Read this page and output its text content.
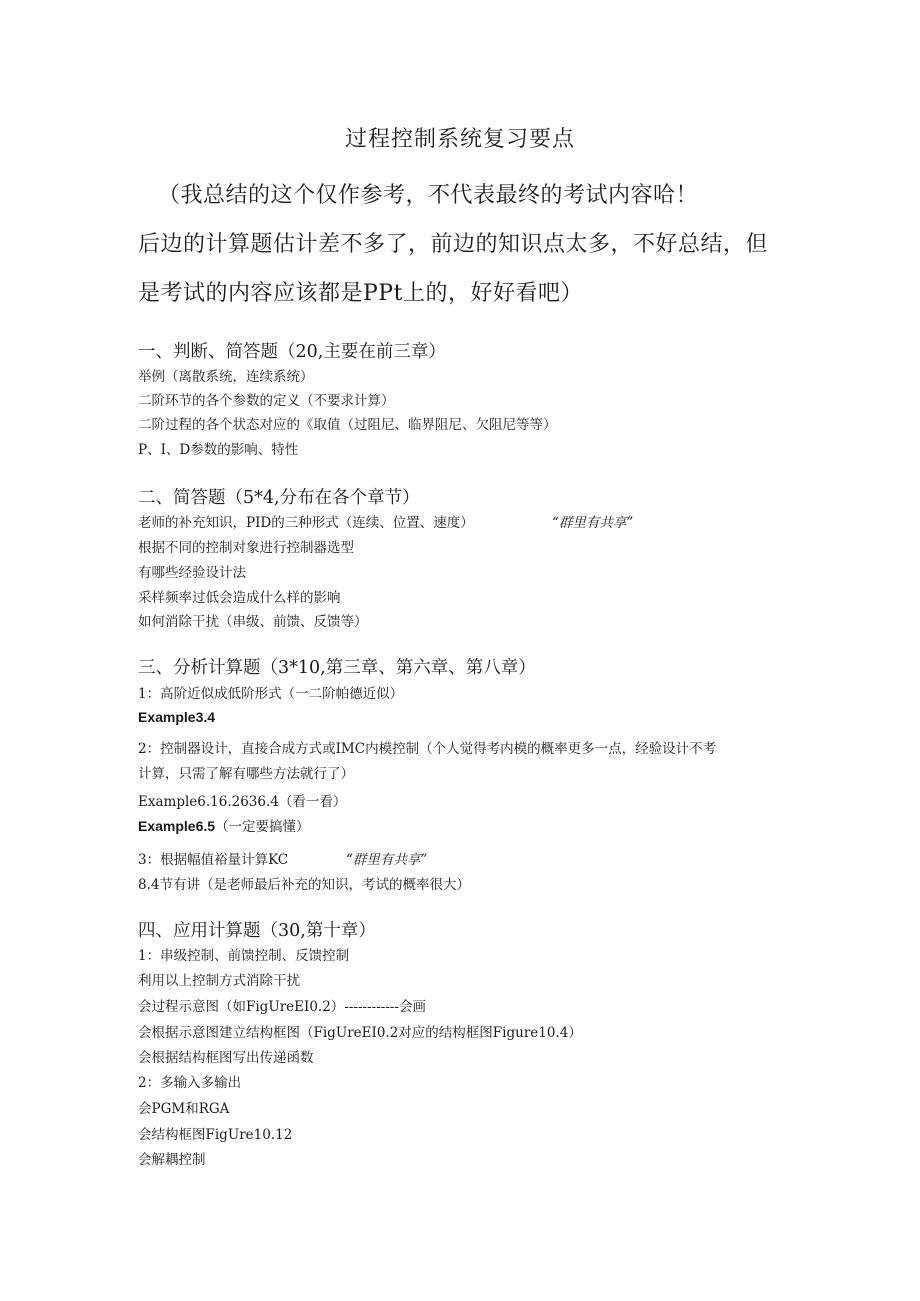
过程控制系统复习要点
（我总结的这个仅作参考，不代表最终的考试内容哈！
后边的计算题估计差不多了，前边的知识点太多，不好总结，但
是考试的内容应该都是PPt上的，好好看吧）
一、判断、简答题（20,主要在前三章）
举例（离散系统，连续系统）
二阶环节的各个参数的定义（不要求计算）
二阶过程的各个状态对应的《取值（过阻尼、临界阻尼、欠阻尼等等）
P、I、D参数的影响、特性
二、简答题（5*4,分布在各个章节）
老师的补充知识，PID的三种形式（连续、位置、速度）	“群里有共享”
根据不同的控制对象进行控制器选型
有哪些经验设计法
采样频率过低会造成什么样的影响
如何消除干扰（串级、前馈、反馈等）
三、分析计算题（3*10,第三章、第六章、第八章）
1：高阶近似成低阶形式（一二阶帕德近似）
Example3.4
2：控制器设计，直接合成方式或IMC内模控制（个人觉得考内模的概率更多一点，经验设计不考
计算，只需了解有哪些方法就行了）
Example6.16.2636.4（看一看）
Example6.5（一定要搞懂）
3：根据幅值裕量计算KC	“群里有共享”
8.4节有讲（是老师最后补充的知识，考试的概率很大）
四、应用计算题（30,第十章）
1：串级控制、前馈控制、反馈控制
利用以上控制方式消除干扰
会过程示意图（如FigUreEI0.2）------------会画
会根据示意图建立结构框图（FigUreEI0.2对应的结构框图Figure10.4）
会根据结构框图写出传递函数
2：多输入多输出
会PGM和RGA
会结构框图FigUre10.12
会解耦控制
